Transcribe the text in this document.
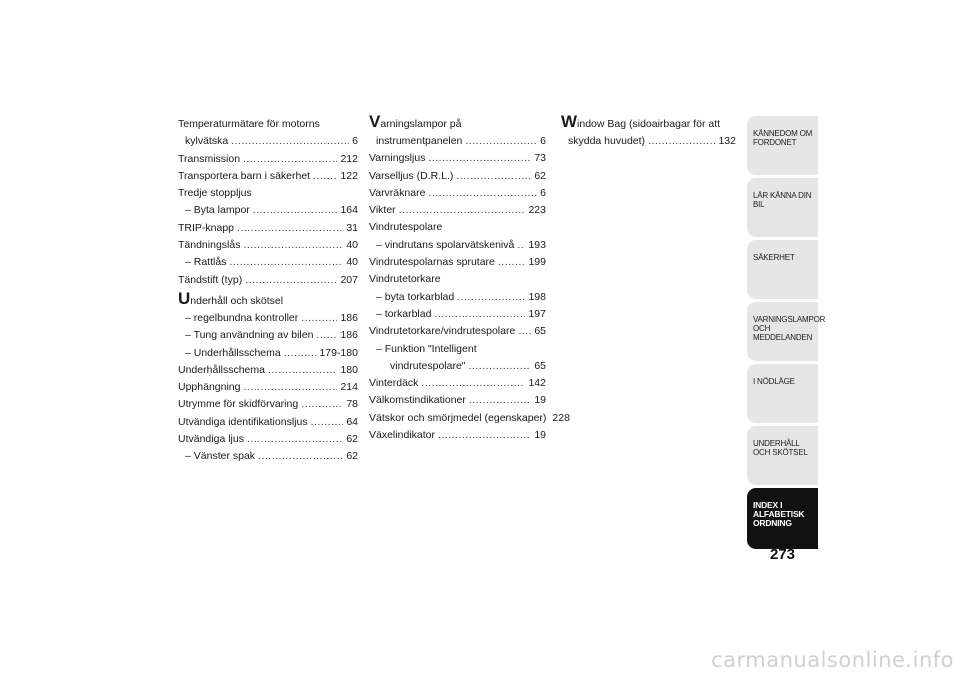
Temperaturmätare för motorns
kylvätska .....	6
Transmission .....	212
Transportera barn i säkerhet .....	122
Tredje stoppljus
– Byta lampor .....	164
TRIP-knapp .....	31
Tändningslås .....	40
– Rattlås .....	40
Tändstift (typ) .....	207
U nderhåll och skötsel
– regelbundna kontroller .....	186
– Tung användning av bilen .....	186
– Underhållsschema .....	179-180
Underhållsschema .....	180
Upphängning .....	214
Utrymme för skidförvaring .....	78
Utvändiga identifikationsljus .....	64
Utvändiga ljus .....	62
– Vänster spak .....	62
V arningslampor på
instrumentpanelen .....	6
Varningsljus .....	73
Varselljus (D.R.L.) .....	62
Varvräknare .....	6
Vikter .....	223
Vindrutespolare
– vindrutans spolarvätskenivå ..... 193
Vindrutespolarnas sprutare .....	199
Vindrutetorkare
– byta torkarblad .....	198
– torkarblad .....	197
Vindrutetorkare/vindrutespolare ..... 65
– Funktion "Intelligent
vindrutespolare" .....	65
Vinterdäck .....	142
Välkomstindikationer .....	19
Vätskor och smörjmedel (egenskaper) 228
Växelindikator .....	19
W indow Bag (sidoairbagar för att
skydda huvudet) .....	132
KÄNNEDOM OM FORDONET
LÄR KÄNNA DIN BIL
SÄKERHET
VARNINGSLAMPOR OCH MEDDELANDEN
I NÖDLÄGE
UNDERHÅLL OCH SKÖTSEL
INDEX I ALFABETISK ORDNING
273
carmanualsonline.info
